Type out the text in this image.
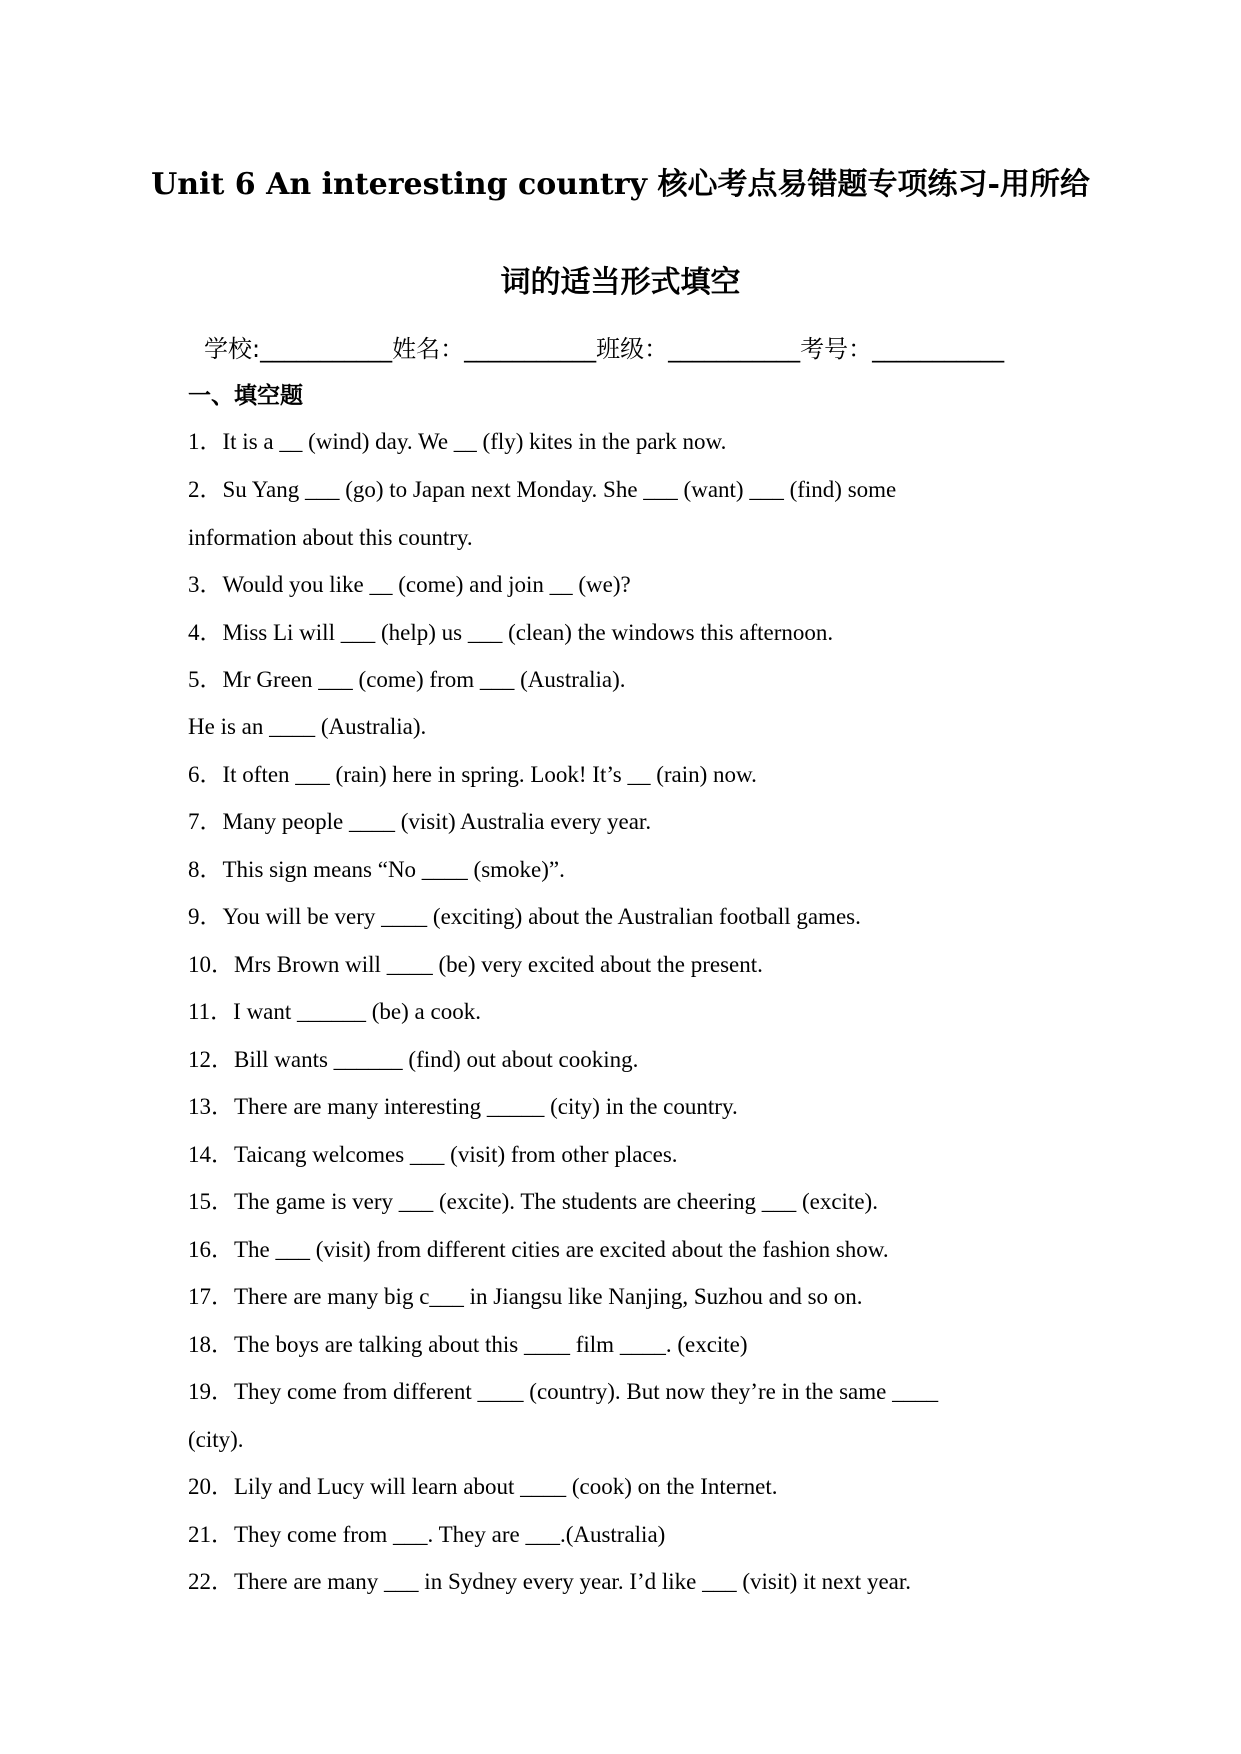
Unit 6 An interesting country 核心考点易错题专项练习-用所给
词的适当形式填空
学校:___________姓名：___________班级：___________考号：___________
一、填空题
1．It is a __ (wind) day. We __ (fly) kites in the park now.
2．Su Yang ___ (go) to Japan next Monday. She ___ (want) ___ (find) some
information about this country.
3．Would you like __ (come) and join __ (we)?
4．Miss Li will ___ (help) us ___ (clean) the windows this afternoon.
5．Mr Green ___ (come) from ___ (Australia).
He is an ____ (Australia).
6．It often ___ (rain) here in spring. Look! It’s __ (rain) now.
7．Many people ____ (visit) Australia every year.
8．This sign means “No ____ (smoke)”.
9．You will be very ____ (exciting) about the Australian football games.
10．Mrs Brown will ____ (be) very excited about the present.
11．I want ______ (be) a cook.
12．Bill wants ______ (find) out about cooking.
13．There are many interesting _____ (city) in the country.
14．Taicang welcomes ___ (visit) from other places.
15．The game is very ___ (excite). The students are cheering ___ (excite).
16．The ___ (visit) from different cities are excited about the fashion show.
17．There are many big c___ in Jiangsu like Nanjing, Suzhou and so on.
18．The boys are talking about this ____ film ____. (excite)
19．They come from different ____ (country). But now they’re in the same ____
(city).
20．Lily and Lucy will learn about ____ (cook) on the Internet.
21．They come from ___. They are ___.(Australia)
22．There are many ___ in Sydney every year. I’d like ___ (visit) it next year.
